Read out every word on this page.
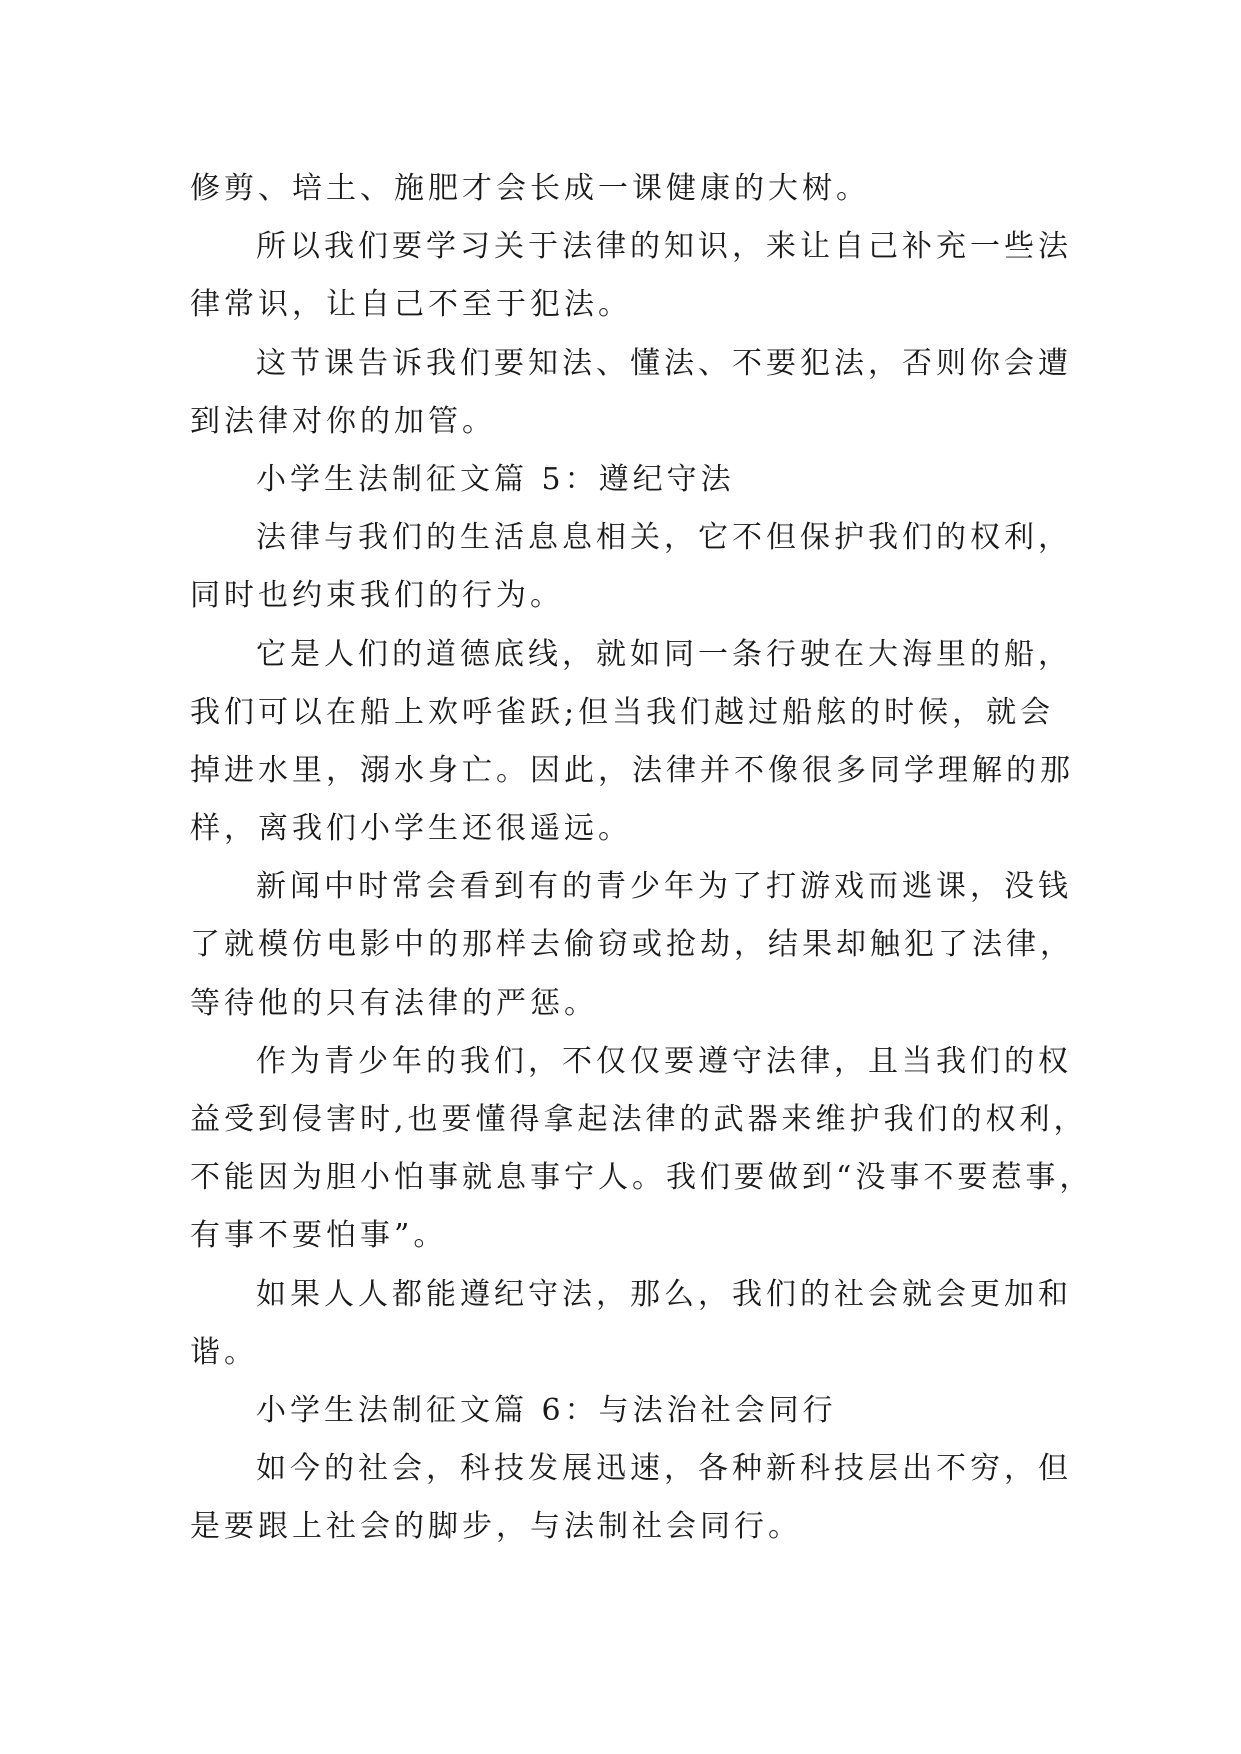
修剪、培土、施肥才会长成一课健康的大树。
所以我们要学习关于法律的知识，来让自己补充一些法
律常识，让自己不至于犯法。
这节课告诉我们要知法、懂法、不要犯法，否则你会遭
到法律对你的加管。
小学生法制征文篇 5：遵纪守法
法律与我们的生活息息相关，它不但保护我们的权利，
同时也约束我们的行为。
它是人们的道德底线，就如同一条行驶在大海里的船，
我们可以在船上欢呼雀跃;但当我们越过船舷的时候，就会
掉进水里，溺水身亡。因此，法律并不像很多同学理解的那
样，离我们小学生还很遥远。
新闻中时常会看到有的青少年为了打游戏而逃课，没钱
了就模仿电影中的那样去偷窃或抢劫，结果却触犯了法律，
等待他的只有法律的严惩。
作为青少年的我们，不仅仅要遵守法律，且当我们的权
益受到侵害时,也要懂得拿起法律的武器来维护我们的权利，
不能因为胆小怕事就息事宁人。我们要做到“没事不要惹事，
有事不要怕事”。
如果人人都能遵纪守法，那么，我们的社会就会更加和
谐。
小学生法制征文篇 6：与法治社会同行
如今的社会，科技发展迅速，各种新科技层出不穷，但
是要跟上社会的脚步，与法制社会同行。
